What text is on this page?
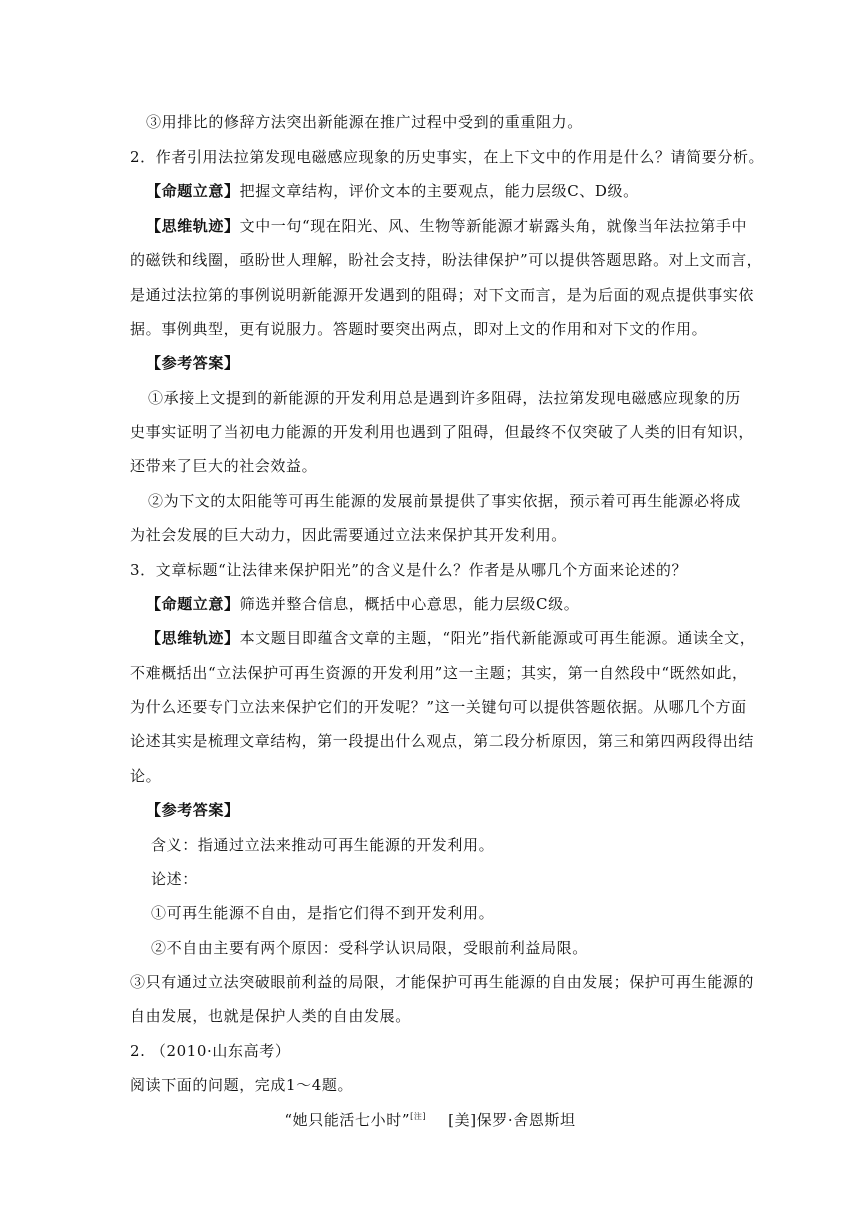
③用排比的修辞方法突出新能源在推广过程中受到的重重阻力。
2．作者引用法拉第发现电磁感应现象的历史事实，在上下文中的作用是什么？请简要分析。
【命题立意】把握文章结构，评价文本的主要观点，能力层级C、D级。
【思维轨迹】文中一句“现在阳光、风、生物等新能源才崭露头角，就像当年法拉第手中
的磁铁和线圈，亟盼世人理解，盼社会支持，盼法律保护”可以提供答题思路。对上文而言，
是通过法拉第的事例说明新能源开发遇到的阻碍；对下文而言，是为后面的观点提供事实依
据。事例典型，更有说服力。答题时要突出两点，即对上文的作用和对下文的作用。
【参考答案】
①承接上文提到的新能源的开发利用总是遇到许多阻碍，法拉第发现电磁感应现象的历
史事实证明了当初电力能源的开发利用也遇到了阻碍，但最终不仅突破了人类的旧有知识，
还带来了巨大的社会效益。
②为下文的太阳能等可再生能源的发展前景提供了事实依据，预示着可再生能源必将成
为社会发展的巨大动力，因此需要通过立法来保护其开发利用。
3．文章标题“让法律来保护阳光”的含义是什么？作者是从哪几个方面来论述的？
【命题立意】筛选并整合信息，概括中心意思，能力层级C级。
【思维轨迹】本文题目即蕴含文章的主题，“阳光”指代新能源或可再生能源。通读全文，
不难概括出“立法保护可再生资源的开发利用”这一主题；其实，第一自然段中“既然如此，
为什么还要专门立法来保护它们的开发呢？”这一关键句可以提供答题依据。从哪几个方面
论述其实是梳理文章结构，第一段提出什么观点，第二段分析原因，第三和第四两段得出结
论。
【参考答案】
含义：指通过立法来推动可再生能源的开发利用。
论述：
①可再生能源不自由，是指它们得不到开发利用。
②不自由主要有两个原因：受科学认识局限，受眼前利益局限。
③只有通过立法突破眼前利益的局限，才能保护可再生能源的自由发展；保护可再生能源的
自由发展，也就是保护人类的自由发展。
2. （2010·山东高考）
阅读下面的问题，完成1～4题。
“她只能活七小时”[注] [美]保罗·舍恩斯坦
